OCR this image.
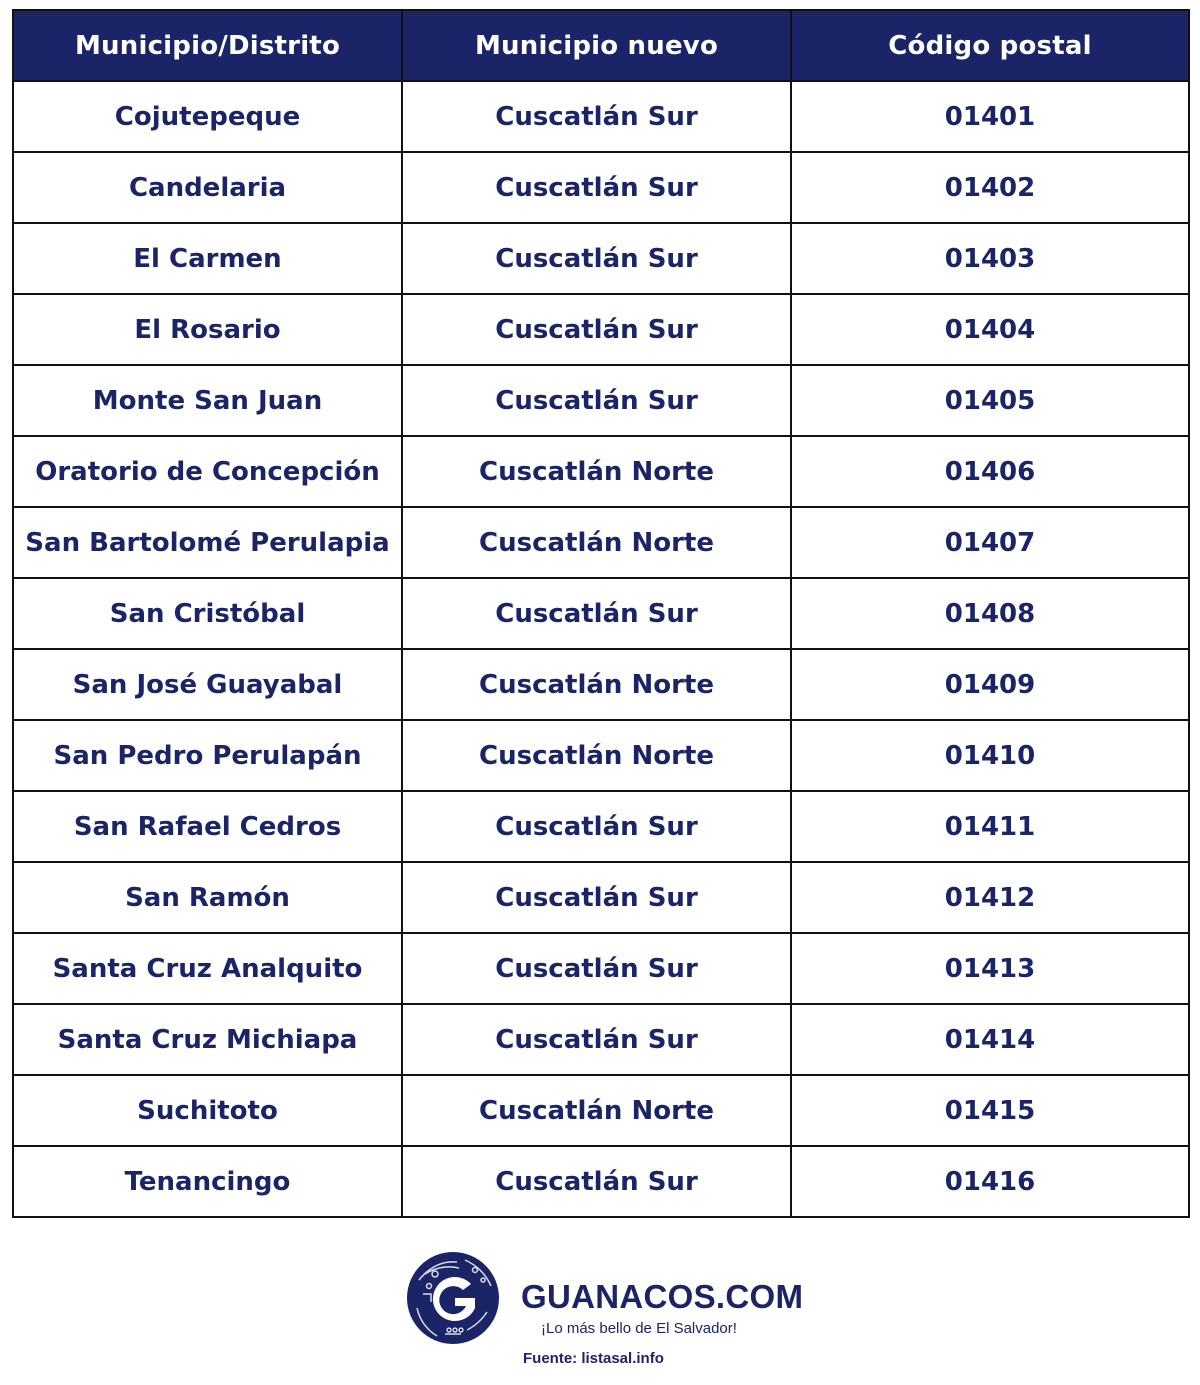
Municipio/Distrito	Municipio nuevo	Código postal
Cojutepeque	Cuscatlán Sur	01401
Candelaria	Cuscatlán Sur	01402
El Carmen	Cuscatlán Sur	01403
El Rosario	Cuscatlán Sur	01404
Monte San Juan	Cuscatlán Sur	01405
Oratorio de Concepción	Cuscatlán Norte	01406
San Bartolomé Perulapia	Cuscatlán Norte	01407
San Cristóbal	Cuscatlán Sur	01408
San José Guayabal	Cuscatlán Norte	01409
San Pedro Perulapán	Cuscatlán Norte	01410
San Rafael Cedros	Cuscatlán Sur	01411
San Ramón	Cuscatlán Sur	01412
Santa Cruz Analquito	Cuscatlán Sur	01413
Santa Cruz Michiapa	Cuscatlán Sur	01414
Suchitoto	Cuscatlán Norte	01415
Tenancingo	Cuscatlán Sur	01416
GUANACOS.COM
¡Lo más bello de El Salvador!
Fuente: listasal.info
